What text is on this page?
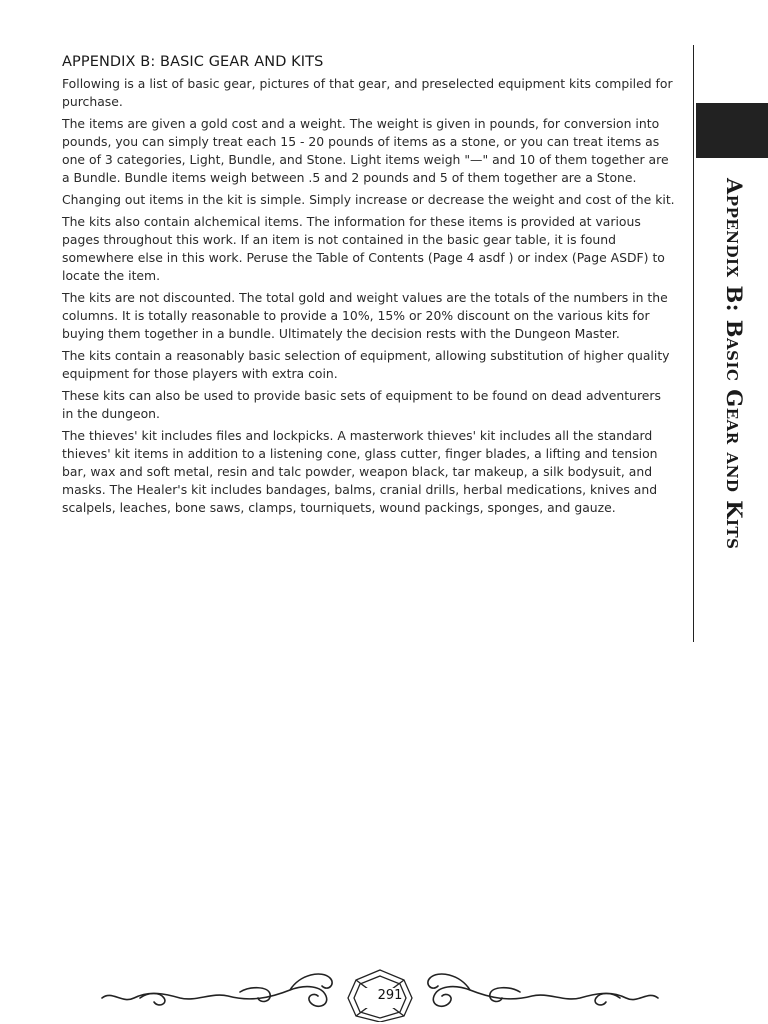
APPENDIX B: BASIC GEAR AND KITS

Following is a list of basic gear, pictures of that gear, and preselected equipment kits compiled for purchase.

The items are given a gold cost and a weight. The weight is given in pounds, for conversion into pounds, you can simply treat each 15 - 20 pounds of items as a stone, or you can treat items as one of 3 categories, Light, Bundle, and Stone. Light items weigh "—" and 10 of them together are a Bundle. Bundle items weigh between .5 and 2 pounds and 5 of them together are a Stone.

Changing out items in the kit is simple. Simply increase or decrease the weight and cost of the kit.

The kits also contain alchemical items. The information for these items is provided at various pages throughout this work. If an item is not contained in the basic gear table, it is found somewhere else in this work. Peruse the Table of Contents (Page 4 asdf ) or index (Page ASDF) to locate the item.

The kits are not discounted. The total gold and weight values are the totals of the numbers in the columns. It is totally reasonable to provide a 10%, 15% or 20% discount on the various kits for buying them together in a bundle. Ultimately the decision rests with the Dungeon Master.

The kits contain a reasonably basic selection of equipment, allowing substitution of higher quality equipment for those players with extra coin.

These kits can also be used to provide basic sets of equipment to be found on dead adventurers in the dungeon.

The thieves' kit includes files and lockpicks. A masterwork thieves' kit includes all the standard thieves' kit items in addition to a listening cone, glass cutter, finger blades, a lifting and tension bar, wax and soft metal, resin and talc powder, weapon black, tar makeup, a silk bodysuit, and masks. The Healer's kit includes bandages, balms, cranial drills, herbal medications, knives and scalpels, leaches, bone saws, clamps, tourniquets, wound packings, sponges, and gauze.	Appendix B: Basic Gear and Kits
291
